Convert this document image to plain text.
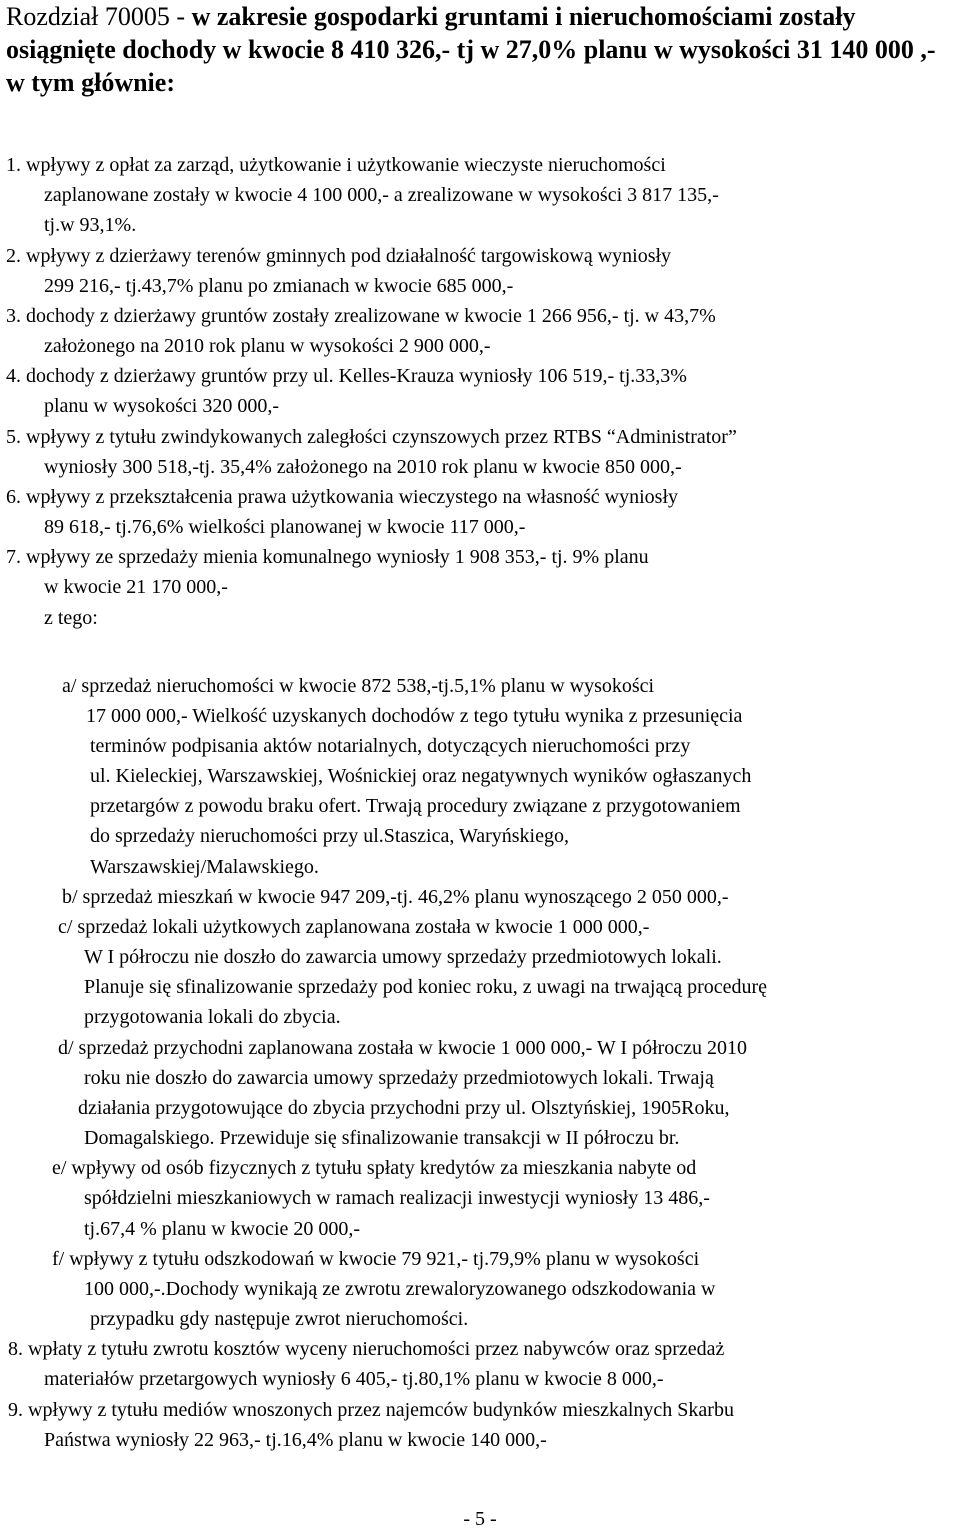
Rozdział 70005 - w zakresie gospodarki gruntami i nieruchomościami zostały osiągnięte dochody w kwocie 8 410 326,- tj w 27,0% planu w wysokości 31 140 000 ,- w tym głównie:
1. wpływy z opłat za zarząd, użytkowanie i użytkowanie wieczyste nieruchomości
zaplanowane zostały w kwocie 4 100 000,- a zrealizowane w wysokości 3 817 135,-
tj.w 93,1%.
2. wpływy z dzierżawy terenów gminnych pod działalność targowiskową wyniosły
299 216,- tj.43,7% planu po zmianach w kwocie 685 000,-
3. dochody z dzierżawy gruntów zostały zrealizowane w kwocie 1 266 956,- tj. w 43,7%
założonego na 2010 rok planu w wysokości 2 900 000,-
4. dochody z dzierżawy gruntów przy ul. Kelles-Krauza wyniosły 106 519,- tj.33,3%
planu w wysokości 320 000,-
5. wpływy z tytułu zwindykowanych zaległości czynszowych przez RTBS “Administrator”
wyniosły 300 518,-tj. 35,4% założonego na 2010 rok planu w kwocie 850 000,-
6. wpływy z przekształcenia prawa użytkowania wieczystego na własność wyniosły
89 618,- tj.76,6% wielkości planowanej w kwocie 117 000,-
7. wpływy ze sprzedaży mienia komunalnego wyniosły 1 908 353,- tj. 9% planu
w kwocie 21 170 000,-
z tego:
a/ sprzedaż nieruchomości w kwocie 872 538,-tj.5,1% planu w wysokości
17 000 000,- Wielkość uzyskanych dochodów z tego tytułu wynika z przesunięcia
terminów podpisania aktów notarialnych, dotyczących nieruchomości przy
ul. Kieleckiej, Warszawskiej, Wośnickiej oraz negatywnych wyników ogłaszanych
przetargów z powodu braku ofert. Trwają procedury związane z przygotowaniem
do sprzedaży nieruchomości przy ul.Staszica, Waryńskiego,
Warszawskiej/Malawskiego.
b/ sprzedaż mieszkań w kwocie 947 209,-tj. 46,2% planu wynoszącego 2 050 000,-
c/ sprzedaż lokali użytkowych zaplanowana została w kwocie 1 000 000,-
W I półroczu nie doszło do zawarcia umowy sprzedaży przedmiotowych lokali.
Planuje się sfinalizowanie sprzedaży pod koniec roku, z uwagi na trwającą procedurę
przygotowania lokali do zbycia.
d/ sprzedaż przychodni zaplanowana została w kwocie 1 000 000,- W I półroczu 2010
roku nie doszło do zawarcia umowy sprzedaży przedmiotowych lokali. Trwają
działania przygotowujące do zbycia przychodni przy ul. Olsztyńskiej, 1905Roku,
Domagalskiego. Przewiduje się sfinalizowanie transakcji w II półroczu br.
e/ wpływy od osób fizycznych z tytułu spłaty kredytów za mieszkania nabyte od
spółdzielni mieszkaniowych w ramach realizacji inwestycji wyniosły 13 486,-
tj.67,4 % planu w kwocie 20 000,-
f/ wpływy z tytułu odszkodowań w kwocie 79 921,- tj.79,9% planu w wysokości
100 000,-.Dochody wynikają ze zwrotu zrewaloryzowanego odszkodowania w
przypadku gdy następuje zwrot nieruchomości.
8. wpłaty z tytułu zwrotu kosztów wyceny nieruchomości przez nabywców oraz sprzedaż
materiałów przetargowych wyniosły 6 405,- tj.80,1% planu w kwocie 8 000,-
9. wpływy z tytułu mediów wnoszonych przez najemców budynków mieszkalnych Skarbu
Państwa wyniosły 22 963,- tj.16,4% planu w kwocie 140 000,-
- 5 -
